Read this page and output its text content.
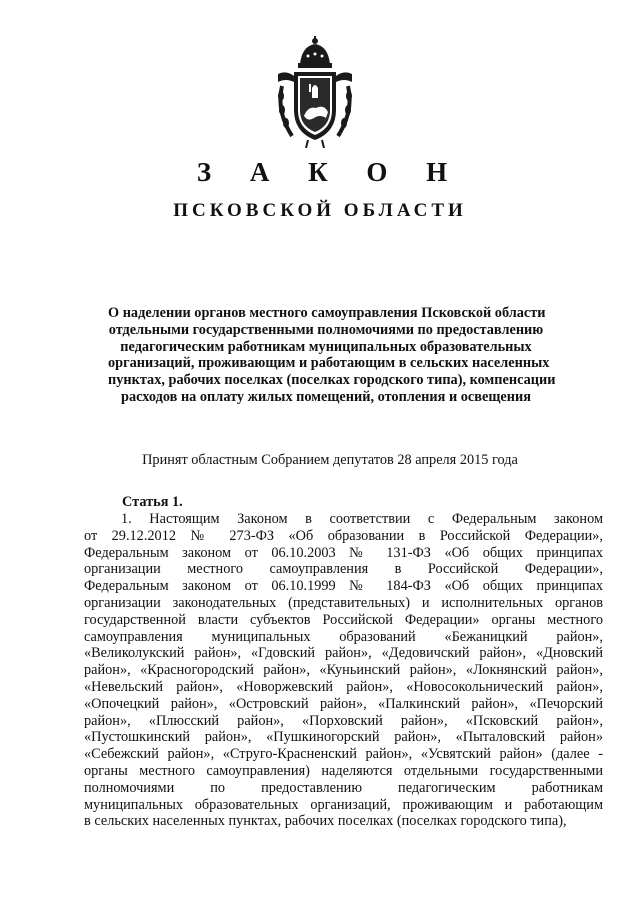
З А К О Н
ПСКОВСКОЙ ОБЛАСТИ
О наделении органов местного самоуправления Псковской области
отдельными государственными полномочиями по предоставлению
педагогическим работникам муниципальных образовательных
организаций, проживающим и работающим в сельских населенных
пунктах, рабочих поселках (поселках городского типа), компенсации
расходов на оплату жилых помещений, отопления и освещения
Принят областным Собранием депутатов 28 апреля 2015 года
Статья 1.
1. Настоящим Законом в соответствии с Федеральным законом
от 29.12.2012 № 273-ФЗ «Об образовании в Российской Федерации»,
Федеральным законом от 06.10.2003 № 131-ФЗ «Об общих принципах
организации местного самоуправления в Российской Федерации»,
Федеральным законом от 06.10.1999 № 184-ФЗ «Об общих принципах
организации законодательных (представительных) и исполнительных органов
государственной власти субъектов Российской Федерации» органы местного
самоуправления муниципальных образований «Бежаницкий район»,
«Великолукский район», «Гдовский район», «Дедовичский район», «Дновский
район», «Красногородский район», «Куньинский район», «Локнянский район»,
«Невельский район», «Новоржевский район», «Новосокольнический район»,
«Опочецкий район», «Островский район», «Палкинский район», «Печорский
район», «Плюсский район», «Порховский район», «Псковский район»,
«Пустошкинский район», «Пушкиногорский район», «Пыталовский район»
«Себежский район», «Струго-Красненский район», «Усвятский район» (далее -
органы местного самоуправления) наделяются отдельными государственными
полномочиями по предоставлению педагогическим работникам
муниципальных образовательных организаций, проживающим и работающим
в сельских населенных пунктах, рабочих поселках (поселках городского типа),
